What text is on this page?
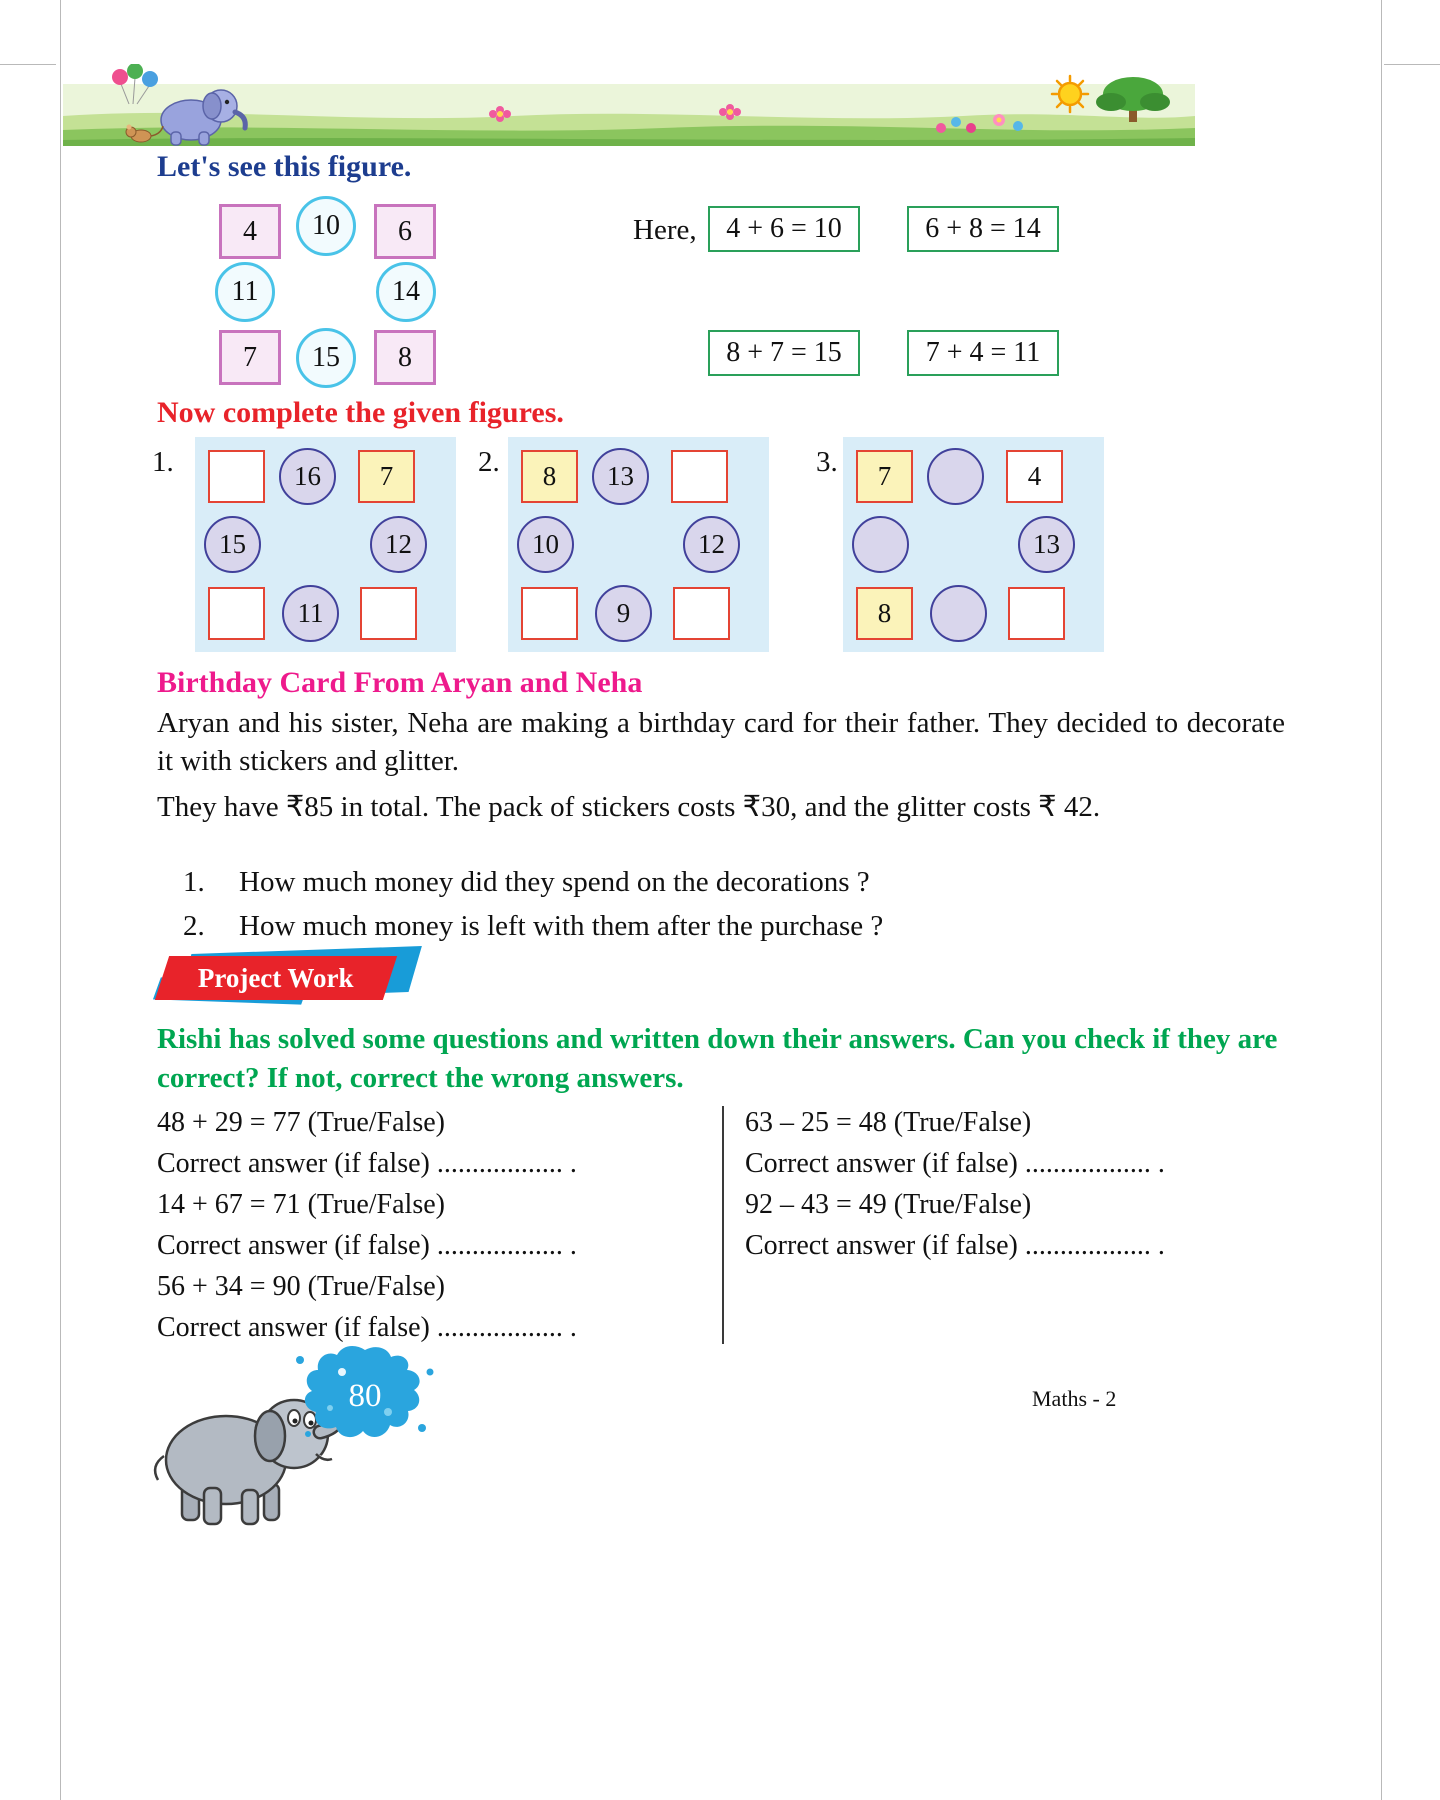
Let's see this figure.
4 10 6
11	14
7 15 8
Here, 4 + 6 = 10	6 + 8 = 14
8 + 7 = 15	7 + 4 = 11
Now complete the given figures.
1.	16 7
15	12
11
2. 8 13
10	12
9
3. 7	4
13
8
Birthday Card From Aryan and Neha
Aryan and his sister, Neha are making a birthday card for their father. They decided to decorate it with stickers and glitter.
They have ₹85 in total. The pack of stickers costs ₹30, and the glitter costs ₹ 42.
1. How much money did they spend on the decorations ?
2. How much money is left with them after the purchase ?
Project Work
Rishi has solved some questions and written down their answers. Can you check if they are correct? If not, correct the wrong answers.
48 + 29 = 77 (True/False)
Correct answer (if false) .................. .
14 + 67 = 71 (True/False)
Correct answer (if false) .................. .
56 + 34 = 90 (True/False)
Correct answer (if false) .................. .
63 – 25 = 48 (True/False)
Correct answer (if false) .................. .
92 – 43 = 49 (True/False)
Correct answer (if false) .................. .
80	Maths - 2
